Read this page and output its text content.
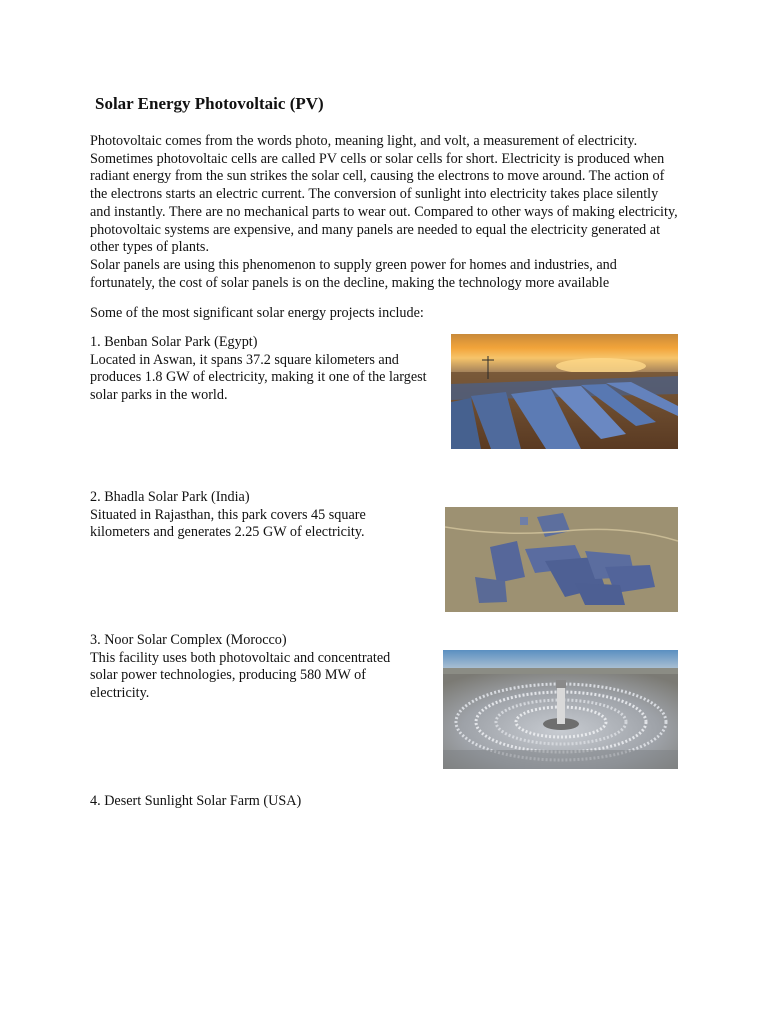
Solar Energy Photovoltaic (PV)

Photovoltaic comes from the words photo, meaning light, and volt, a measurement of electricity. Sometimes photovoltaic cells are called PV cells or solar cells for short. Electricity is produced when radiant energy from the sun strikes the solar cell, causing the electrons to move around. The action of the electrons starts an electric current. The conversion of sunlight into electricity takes place silently and instantly. There are no mechanical parts to wear out. Compared to other ways of making electricity, photovoltaic systems are expensive, and many panels are needed to equal the electricity generated at other types of plants.

Solar panels are using this phenomenon to supply green power for homes and industries, and fortunately, the cost of solar panels is on the decline, making the technology more available

Some of the most significant solar energy projects include:

1. Benban Solar Park (Egypt)
Located in Aswan, it spans 37.2 square kilometers and produces 1.8 GW of electricity, making it one of the largest solar parks in the world.
2. Bhadla Solar Park (India)
Situated in Rajasthan, this park covers 45 square kilometers and generates 2.25 GW of electricity.
3. Noor Solar Complex (Morocco)
This facility uses both photovoltaic and concentrated solar power technologies, producing 580 MW of electricity.
4. Desert Sunlight Solar Farm (USA)
